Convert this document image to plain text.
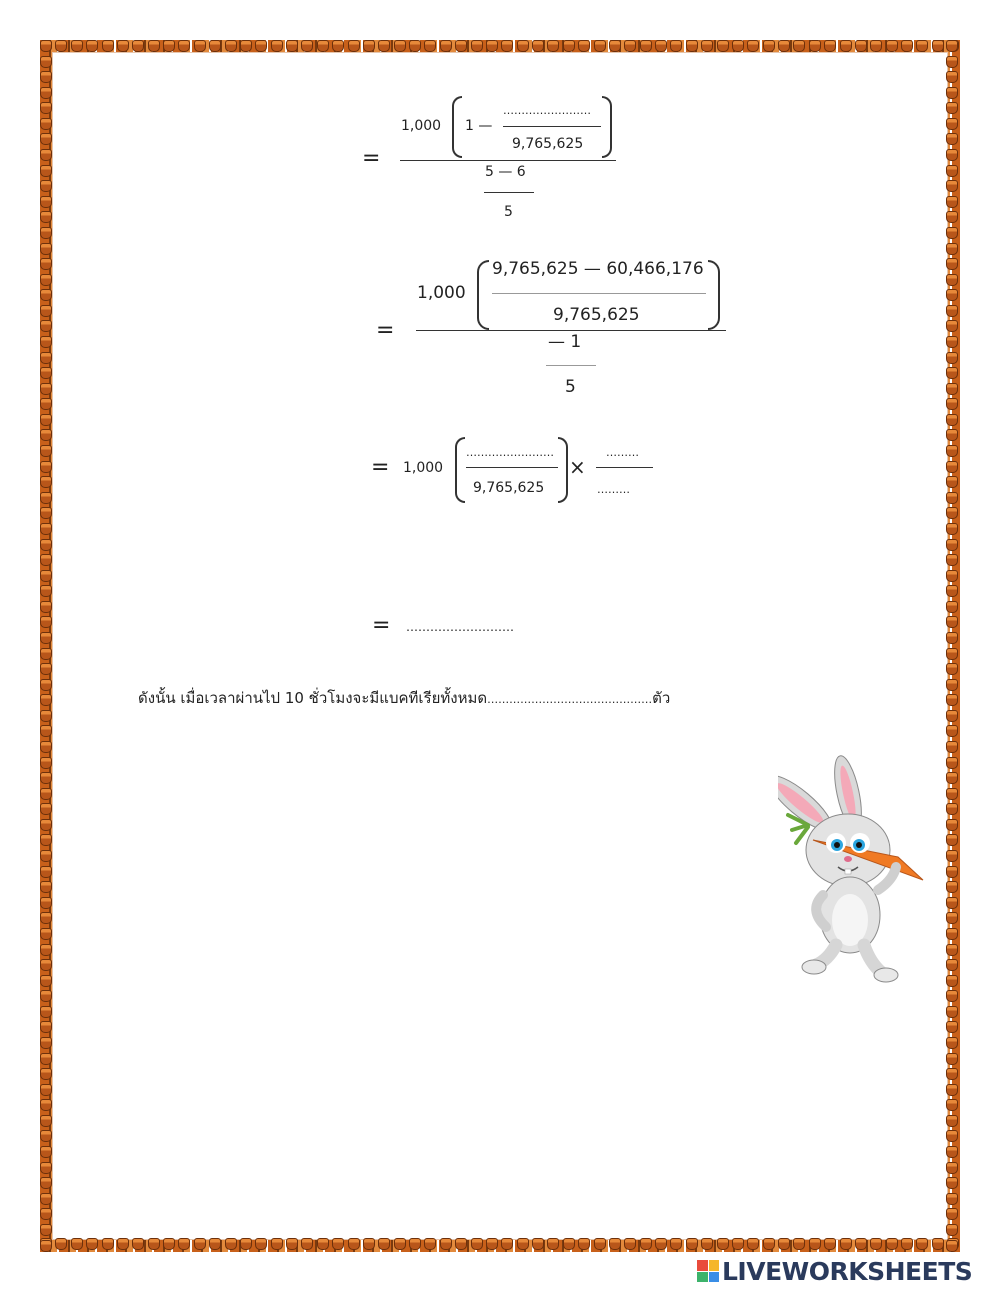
=
1,000 1 —
……………………
9,765,625
5 — 6
5
=
1,000
9,765,625 — 60,466,176
9,765,625
— 1
5
= 1,000
……………………
9,765,625
×
………
………
= ………………………
ดังนั้น เมื่อเวลาผ่านไป 10 ชั่วโมงจะมีแบคทีเรียทั้งหมด………………………………………ตัว
LIVEWORKSHEETS
